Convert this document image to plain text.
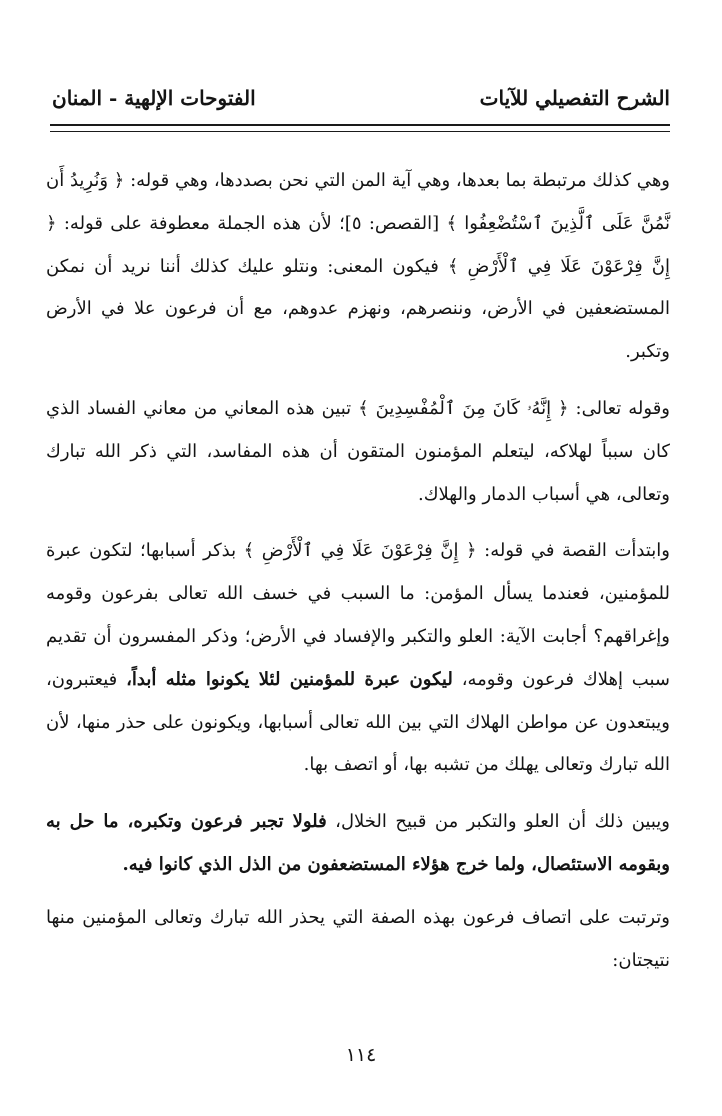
الشرح التفصيلي للآيات
الفتوحات الإلهية - المنان

وهي كذلك مرتبطة بما بعدها، وهي آية المن التي نحن بصددها، وهي قوله: ﴿ وَنُرِيدُ أَن نَّمُنَّ عَلَى ٱلَّذِينَ ٱسْتُضْعِفُوا ﴾ [القصص: ٥]؛ لأن هذه الجملة معطوفة على قوله: ﴿ إِنَّ فِرْعَوْنَ عَلَا فِي ٱلْأَرْضِ ﴾ فيكون المعنى: ونتلو عليك كذلك أننا نريد أن نمكن المستضعفين في الأرض، وننصرهم، ونهزم عدوهم، مع أن فرعون علا في الأرض وتكبر.

وقوله تعالى: ﴿ إِنَّهُۥ كَانَ مِنَ ٱلْمُفْسِدِينَ ﴾ تبين هذه المعاني من معاني الفساد الذي كان سبباً لهلاكه، ليتعلم المؤمنون المتقون أن هذه المفاسد، التي ذكر الله تبارك وتعالى، هي أسباب الدمار والهلاك.

وابتدأت القصة في قوله: ﴿ إِنَّ فِرْعَوْنَ عَلَا فِي ٱلْأَرْضِ ﴾ بذكر أسبابها؛ لتكون عبرة للمؤمنين، فعندما يسأل المؤمن: ما السبب في خسف الله تعالى بفرعون وقومه وإغراقهم؟ أجابت الآية: العلو والتكبر والإفساد في الأرض؛ وذكر المفسرون أن تقديم سبب إهلاك فرعون وقومه، ليكون عبرة للمؤمنين لئلا يكونوا مثله أبداً، فيعتبرون، ويبتعدون عن مواطن الهلاك التي بين الله تعالى أسبابها، ويكونون على حذر منها، لأن الله تبارك وتعالى يهلك من تشبه بها، أو اتصف بها.

ويبين ذلك أن العلو والتكبر من قبيح الخلال، فلولا تجبر فرعون وتكبره، ما حل به وبقومه الاستئصال، ولما خرج هؤلاء المستضعفون من الذل الذي كانوا فيه.

وترتبت على اتصاف فرعون بهذه الصفة التي يحذر الله تبارك وتعالى المؤمنين منها نتيجتان:

١١٤
